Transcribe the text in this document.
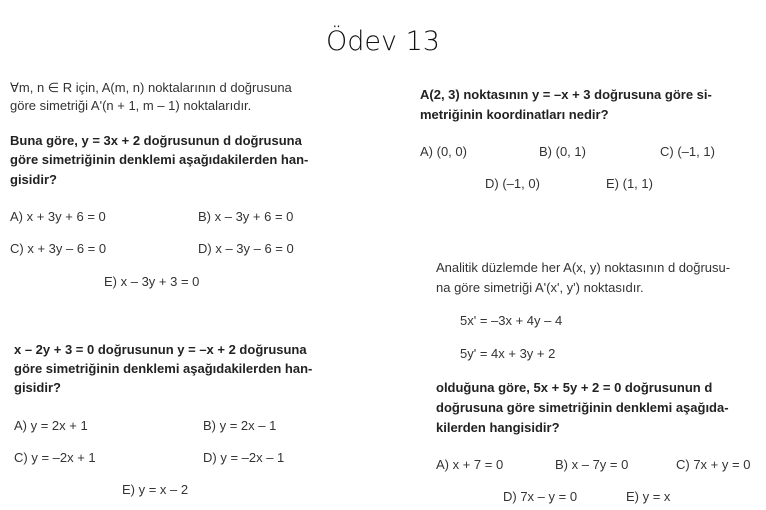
Ödev 13
∀m, n ∈ R için, A(m, n) noktalarının d doğrusuna
göre simetriği A'(n + 1, m – 1) noktalarıdır.
Buna göre, y = 3x + 2 doğrusunun d doğrusuna
göre simetriğinin denklemi aşağıdakilerden han-
gisidir?
A) x + 3y + 6 = 0	B) x – 3y + 6 = 0
C) x + 3y – 6 = 0	D) x – 3y – 6 = 0
E) x – 3y + 3 = 0
x – 2y + 3 = 0 doğrusunun y = –x + 2 doğrusuna
göre simetriğinin denklemi aşağıdakilerden han-
gisidir?
A) y = 2x + 1	B) y = 2x – 1
C) y = –2x + 1	D) y = –2x – 1
E) y = x – 2
A(2, 3) noktasının y = –x + 3 doğrusuna göre si-
metriğinin koordinatları nedir?
A) (0, 0)	B) (0, 1)	C) (–1, 1)
D) (–1, 0)	E) (1, 1)
Analitik düzlemde her A(x, y) noktasının d doğrusu-
na göre simetriği A'(x', y') noktasıdır.
5x' = –3x + 4y – 4
5y' = 4x + 3y + 2
olduğuna göre, 5x + 5y + 2 = 0 doğrusunun d
doğrusuna göre simetriğinin denklemi aşağıda-
kilerden hangisidir?
A) x + 7 = 0	B) x – 7y = 0	C) 7x + y = 0
D) 7x – y = 0	E) y = x
